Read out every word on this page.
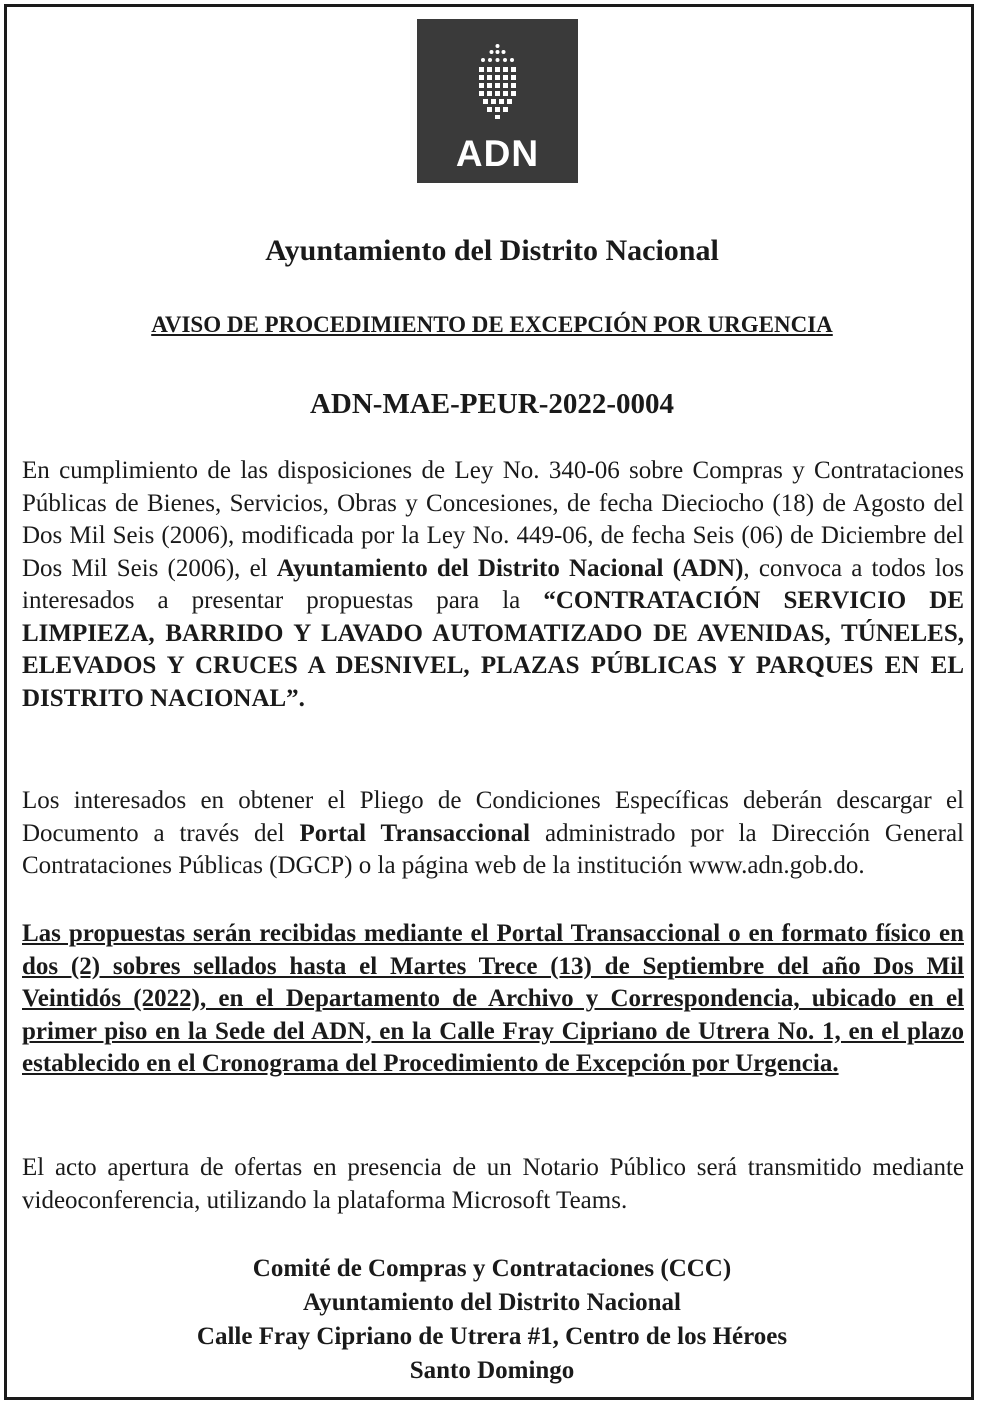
ADN
Ayuntamiento del Distrito Nacional
AVISO DE PROCEDIMIENTO DE EXCEPCIÓN POR URGENCIA
ADN-MAE-PEUR-2022-0004

En cumplimiento de las disposiciones de Ley No. 340-06 sobre Compras y Contrataciones Públicas de Bienes, Servicios, Obras y Concesiones, de fecha Dieciocho (18) de Agosto del Dos Mil Seis (2006), modificada por la Ley No. 449-06, de fecha Seis (06) de Diciembre del Dos Mil Seis (2006), el Ayuntamiento del Distrito Nacional (ADN), convoca a todos los interesados a presentar propuestas para la “CONTRATACIÓN SERVICIO DE LIMPIEZA, BARRIDO Y LAVADO AUTOMATIZADO DE AVENIDAS, TÚNELES, ELEVADOS Y CRUCES A DESNIVEL, PLAZAS PÚBLICAS Y PARQUES EN EL DISTRITO NACIONAL”.

Los interesados en obtener el Pliego de Condiciones Específicas deberán descargar el Documento a través del Portal Transaccional administrado por la Dirección General Contrataciones Públicas (DGCP) o la página web de la institución www.adn.gob.do.

Las propuestas serán recibidas mediante el Portal Transaccional o en formato físico en dos (2) sobres sellados hasta el Martes Trece (13) de Septiembre del año Dos Mil Veintidós (2022), en el Departamento de Archivo y Correspondencia, ubicado en el primer piso en la Sede del ADN, en la Calle Fray Cipriano de Utrera No. 1, en el plazo establecido en el Cronograma del Procedimiento de Excepción por Urgencia.

El acto apertura de ofertas en presencia de un Notario Público será transmitido mediante videoconferencia, utilizando la plataforma Microsoft Teams.

Comité de Compras y Contrataciones (CCC)
Ayuntamiento del Distrito Nacional
Calle Fray Cipriano de Utrera #1, Centro de los Héroes
Santo Domingo
